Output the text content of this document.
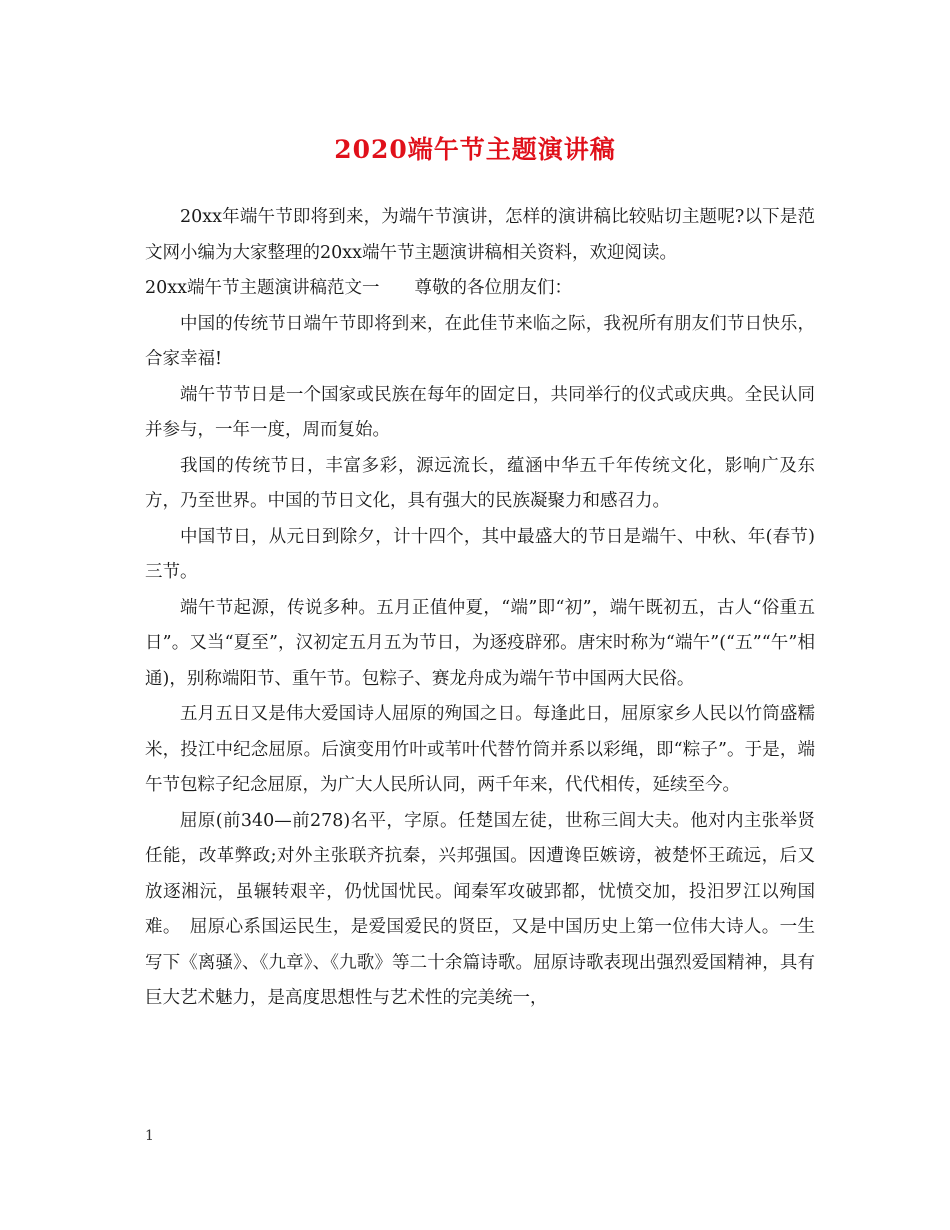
2020端午节主题演讲稿

20xx年端午节即将到来，为端午节演讲，怎样的演讲稿比较贴切主题呢?以下是范文网小编为大家整理的20xx端午节主题演讲稿相关资料，欢迎阅读。

20xx端午节主题演讲稿范文一　　尊敬的各位朋友们：

中国的传统节日端午节即将到来，在此佳节来临之际，我祝所有朋友们节日快乐，合家幸福!

端午节节日是一个国家或民族在每年的固定日，共同举行的仪式或庆典。全民认同并参与，一年一度，周而复始。

我国的传统节日，丰富多彩，源远流长，蕴涵中华五千年传统文化，影响广及东方，乃至世界。中国的节日文化，具有强大的民族凝聚力和感召力。

中国节日，从元日到除夕，计十四个，其中最盛大的节日是端午、中秋、年(春节)三节。

端午节起源，传说多种。五月正值仲夏，“端”即“初”，端午既初五，古人“俗重五日”。又当“夏至”，汉初定五月五为节日，为逐疫辟邪。唐宋时称为“端午”(“五”“午”相通)，别称端阳节、重午节。包粽子、赛龙舟成为端午节中国两大民俗。

五月五日又是伟大爱国诗人屈原的殉国之日。每逢此日，屈原家乡人民以竹筒盛糯米，投江中纪念屈原。后演变用竹叶或苇叶代替竹筒并系以彩绳，即“粽子”。于是，端午节包粽子纪念屈原，为广大人民所认同，两千年来，代代相传，延续至今。

屈原(前340—前278)名平，字原。任楚国左徒，世称三闾大夫。他对内主张举贤任能，改革弊政;对外主张联齐抗秦，兴邦强国。因遭谗臣嫉谤，被楚怀王疏远，后又放逐湘沅，虽辗转艰辛，仍忧国忧民。闻秦军攻破郢都，忧愤交加，投汨罗江以殉国难。　屈原心系国运民生，是爱国爱民的贤臣，又是中国历史上第一位伟大诗人。一生写下《离骚》、《九章》、《九歌》等二十余篇诗歌。屈原诗歌表现出强烈爱国精神，具有巨大艺术魅力，是高度思想性与艺术性的完美统一，

1
